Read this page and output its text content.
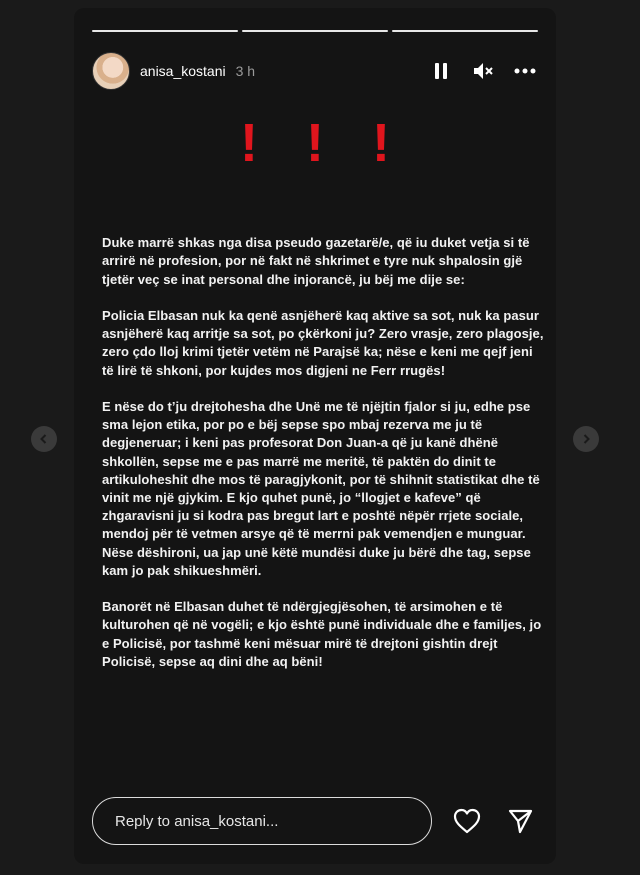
anisa_kostani 3 h
! ! !

Duke marrë shkas nga disa pseudo gazetarë/e, që iu duket vetja si të arrirë në profesion, por në fakt në shkrimet e tyre nuk shpalosin gjë tjetër veç se inat personal dhe injorancë, ju bëj me dije se:

Policia Elbasan nuk ka qenë asnjëherë kaq aktive sa sot, nuk ka pasur asnjëherë kaq arritje sa sot, po çkërkoni ju? Zero vrasje, zero plagosje, zero çdo lloj krimi tjetër vetëm në Parajsë ka; nëse e keni me qejf jeni të lirë të shkoni, por kujdes mos digjeni ne Ferr rrugës!

E nëse do t’ju drejtohesha dhe Unë me të njëjtin fjalor si ju, edhe pse sma lejon etika, por po e bëj sepse spo mbaj rezerva me ju të degjeneruar; i keni pas profesorat Don Juan-a që ju kanë dhënë shkollën, sepse me e pas marrë me meritë, të paktën do dinit te artikuloheshit dhe mos të paragjykonit, por të shihnit statistikat dhe të vinit me një gjykim. E kjo quhet punë, jo “llogjet e kafeve” që zhgaravisni ju si kodra pas bregut lart e poshtë nëpër rrjete sociale, mendoj për të vetmen arsye që të merrni pak vemendjen e munguar. Nëse dëshironi, ua jap unë këtë mundësi duke ju bërë dhe tag, sepse kam jo pak shikueshmëri.

Banorët në Elbasan duhet të ndërgjegjësohen, të arsimohen e të kulturohen që në vogëli; e kjo është punë individuale dhe e familjes, jo e Policisë, por tashmë keni mësuar mirë të drejtoni gishtin drejt Policisë, sepse aq dini dhe aq bëni!

Reply to anisa_kostani...
